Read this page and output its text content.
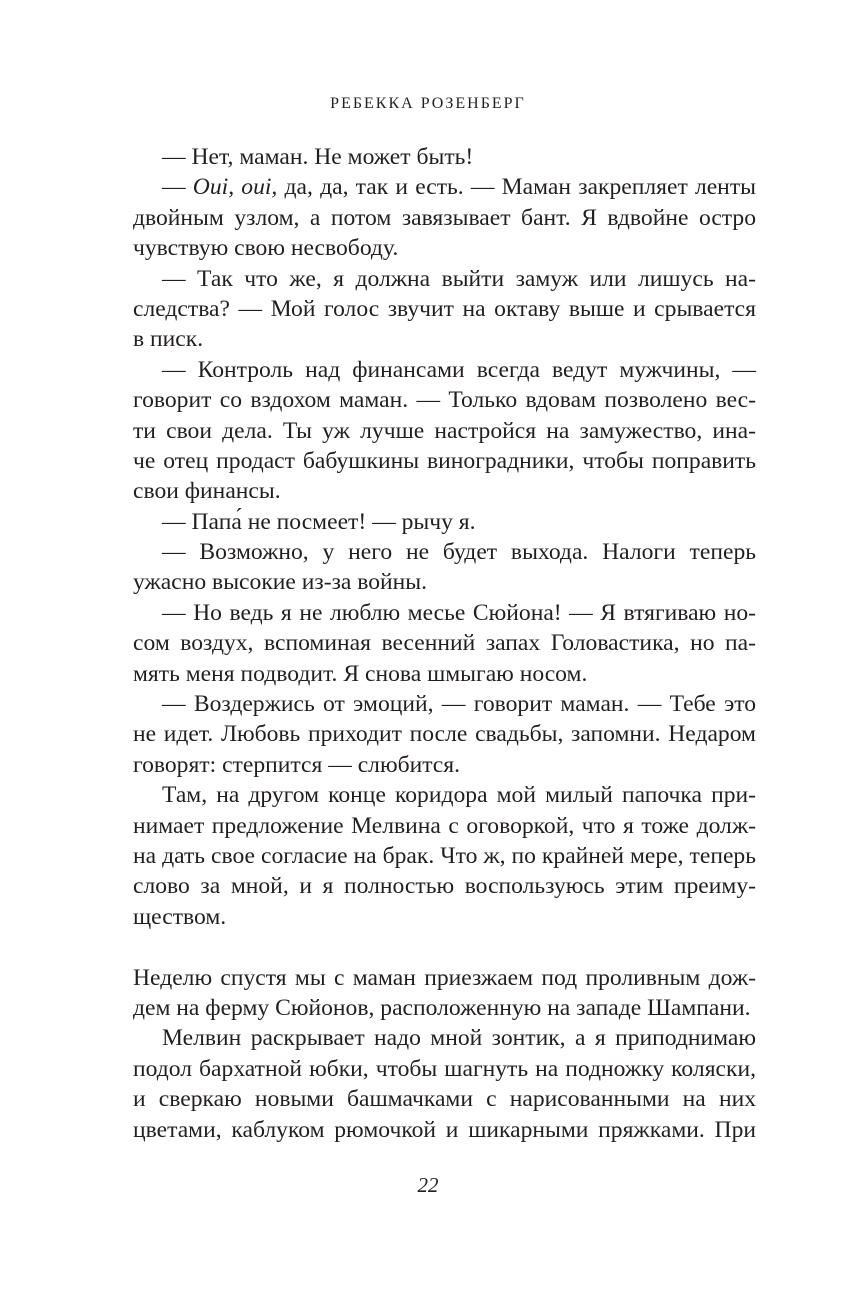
РЕБЕККА РОЗЕНБЕРГ
— Нет, маман. Не может быть!
— Oui, oui, да, да, так и есть. — Маман закрепляет ленты
двойным узлом, а потом завязывает бант. Я вдвойне остро
чувствую свою несвободу.
— Так что же, я должна выйти замуж или лишусь на-
следства? — Мой голос звучит на октаву выше и срывается
в писк.
— Контроль над финансами всегда ведут мужчины, —
говорит со вздохом маман. — Только вдовам позволено вес-
ти свои дела. Ты уж лучше настройся на замужество, ина-
че отец продаст бабушкины виноградники, чтобы поправить
свои финансы.
— Папа́ не посмеет! — рычу я.
— Возможно, у него не будет выхода. Налоги теперь
ужасно высокие из-за войны.
— Но ведь я не люблю месье Сюйона! — Я втягиваю но-
сом воздух, вспоминая весенний запах Головастика, но па-
мять меня подводит. Я снова шмыгаю носом.
— Воздержись от эмоций, — говорит маман. — Тебе это
не идет. Любовь приходит после свадьбы, запомни. Недаром
говорят: стерпится — слюбится.
Там, на другом конце коридора мой милый папочка при-
нимает предложение Мелвина с оговоркой, что я тоже долж-
на дать свое согласие на брак. Что ж, по крайней мере, теперь
слово за мной, и я полностью воспользуюсь этим преиму-
ществом.
Неделю спустя мы с маман приезжаем под проливным дож-
дем на ферму Сюйонов, расположенную на западе Шампани.
Мелвин раскрывает надо мной зонтик, а я приподнимаю
подол бархатной юбки, чтобы шагнуть на подножку коляски,
и сверкаю новыми башмачками с нарисованными на них
цветами, каблуком рюмочкой и шикарными пряжками. При
22
